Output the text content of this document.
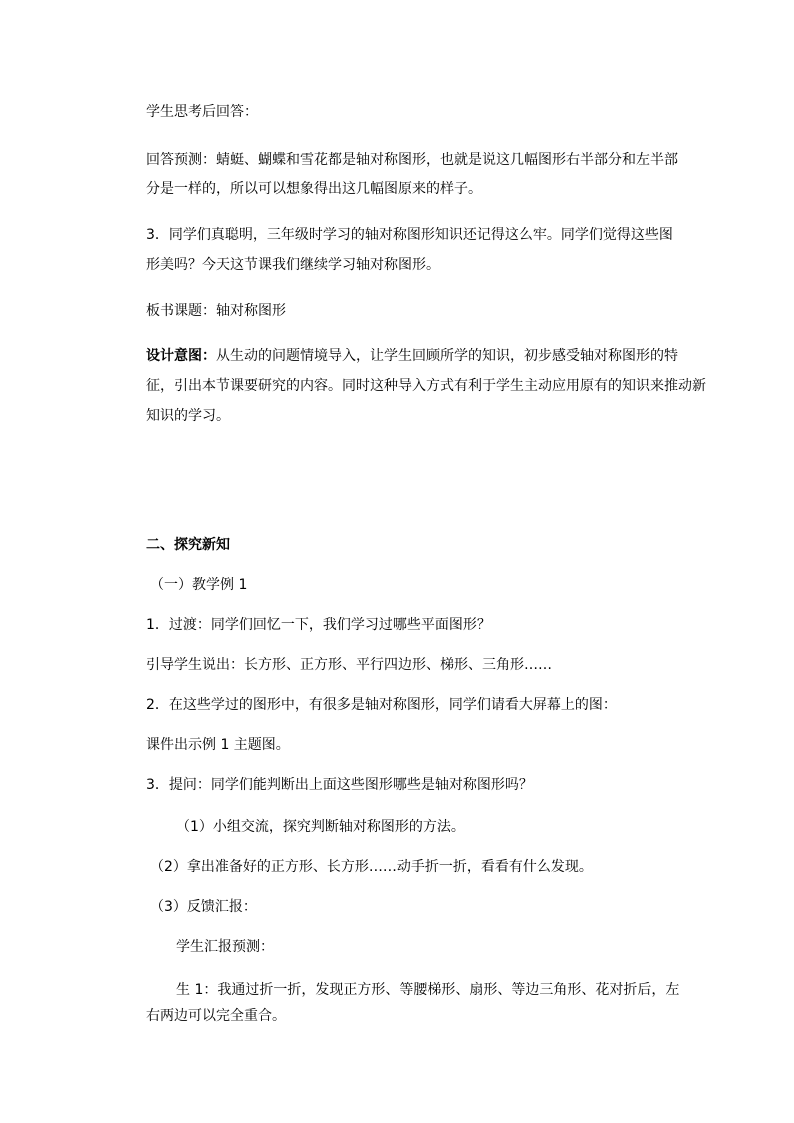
学生思考后回答：
回答预测：蜻蜓、蝴蝶和雪花都是轴对称图形，也就是说这几幅图形右半部分和左半部
分是一样的，所以可以想象得出这几幅图原来的样子。
3．同学们真聪明，三年级时学习的轴对称图形知识还记得这么牢。同学们觉得这些图
形美吗？今天这节课我们继续学习轴对称图形。
板书课题：轴对称图形
设计意图：从生动的问题情境导入，让学生回顾所学的知识，初步感受轴对称图形的特
征，引出本节课要研究的内容。同时这种导入方式有利于学生主动应用原有的知识来推动新
知识的学习。
二、探究新知
（一）教学例 1
1．过渡：同学们回忆一下，我们学习过哪些平面图形？
引导学生说出：长方形、正方形、平行四边形、梯形、三角形……
2．在这些学过的图形中，有很多是轴对称图形，同学们请看大屏幕上的图：
课件出示例 1 主题图。
3．提问：同学们能判断出上面这些图形哪些是轴对称图形吗？
（1）小组交流，探究判断轴对称图形的方法。
（2）拿出准备好的正方形、长方形……动手折一折，看看有什么发现。
（3）反馈汇报：
学生汇报预测：
生 1：我通过折一折，发现正方形、等腰梯形、扇形、等边三角形、花对折后，左
右两边可以完全重合。
